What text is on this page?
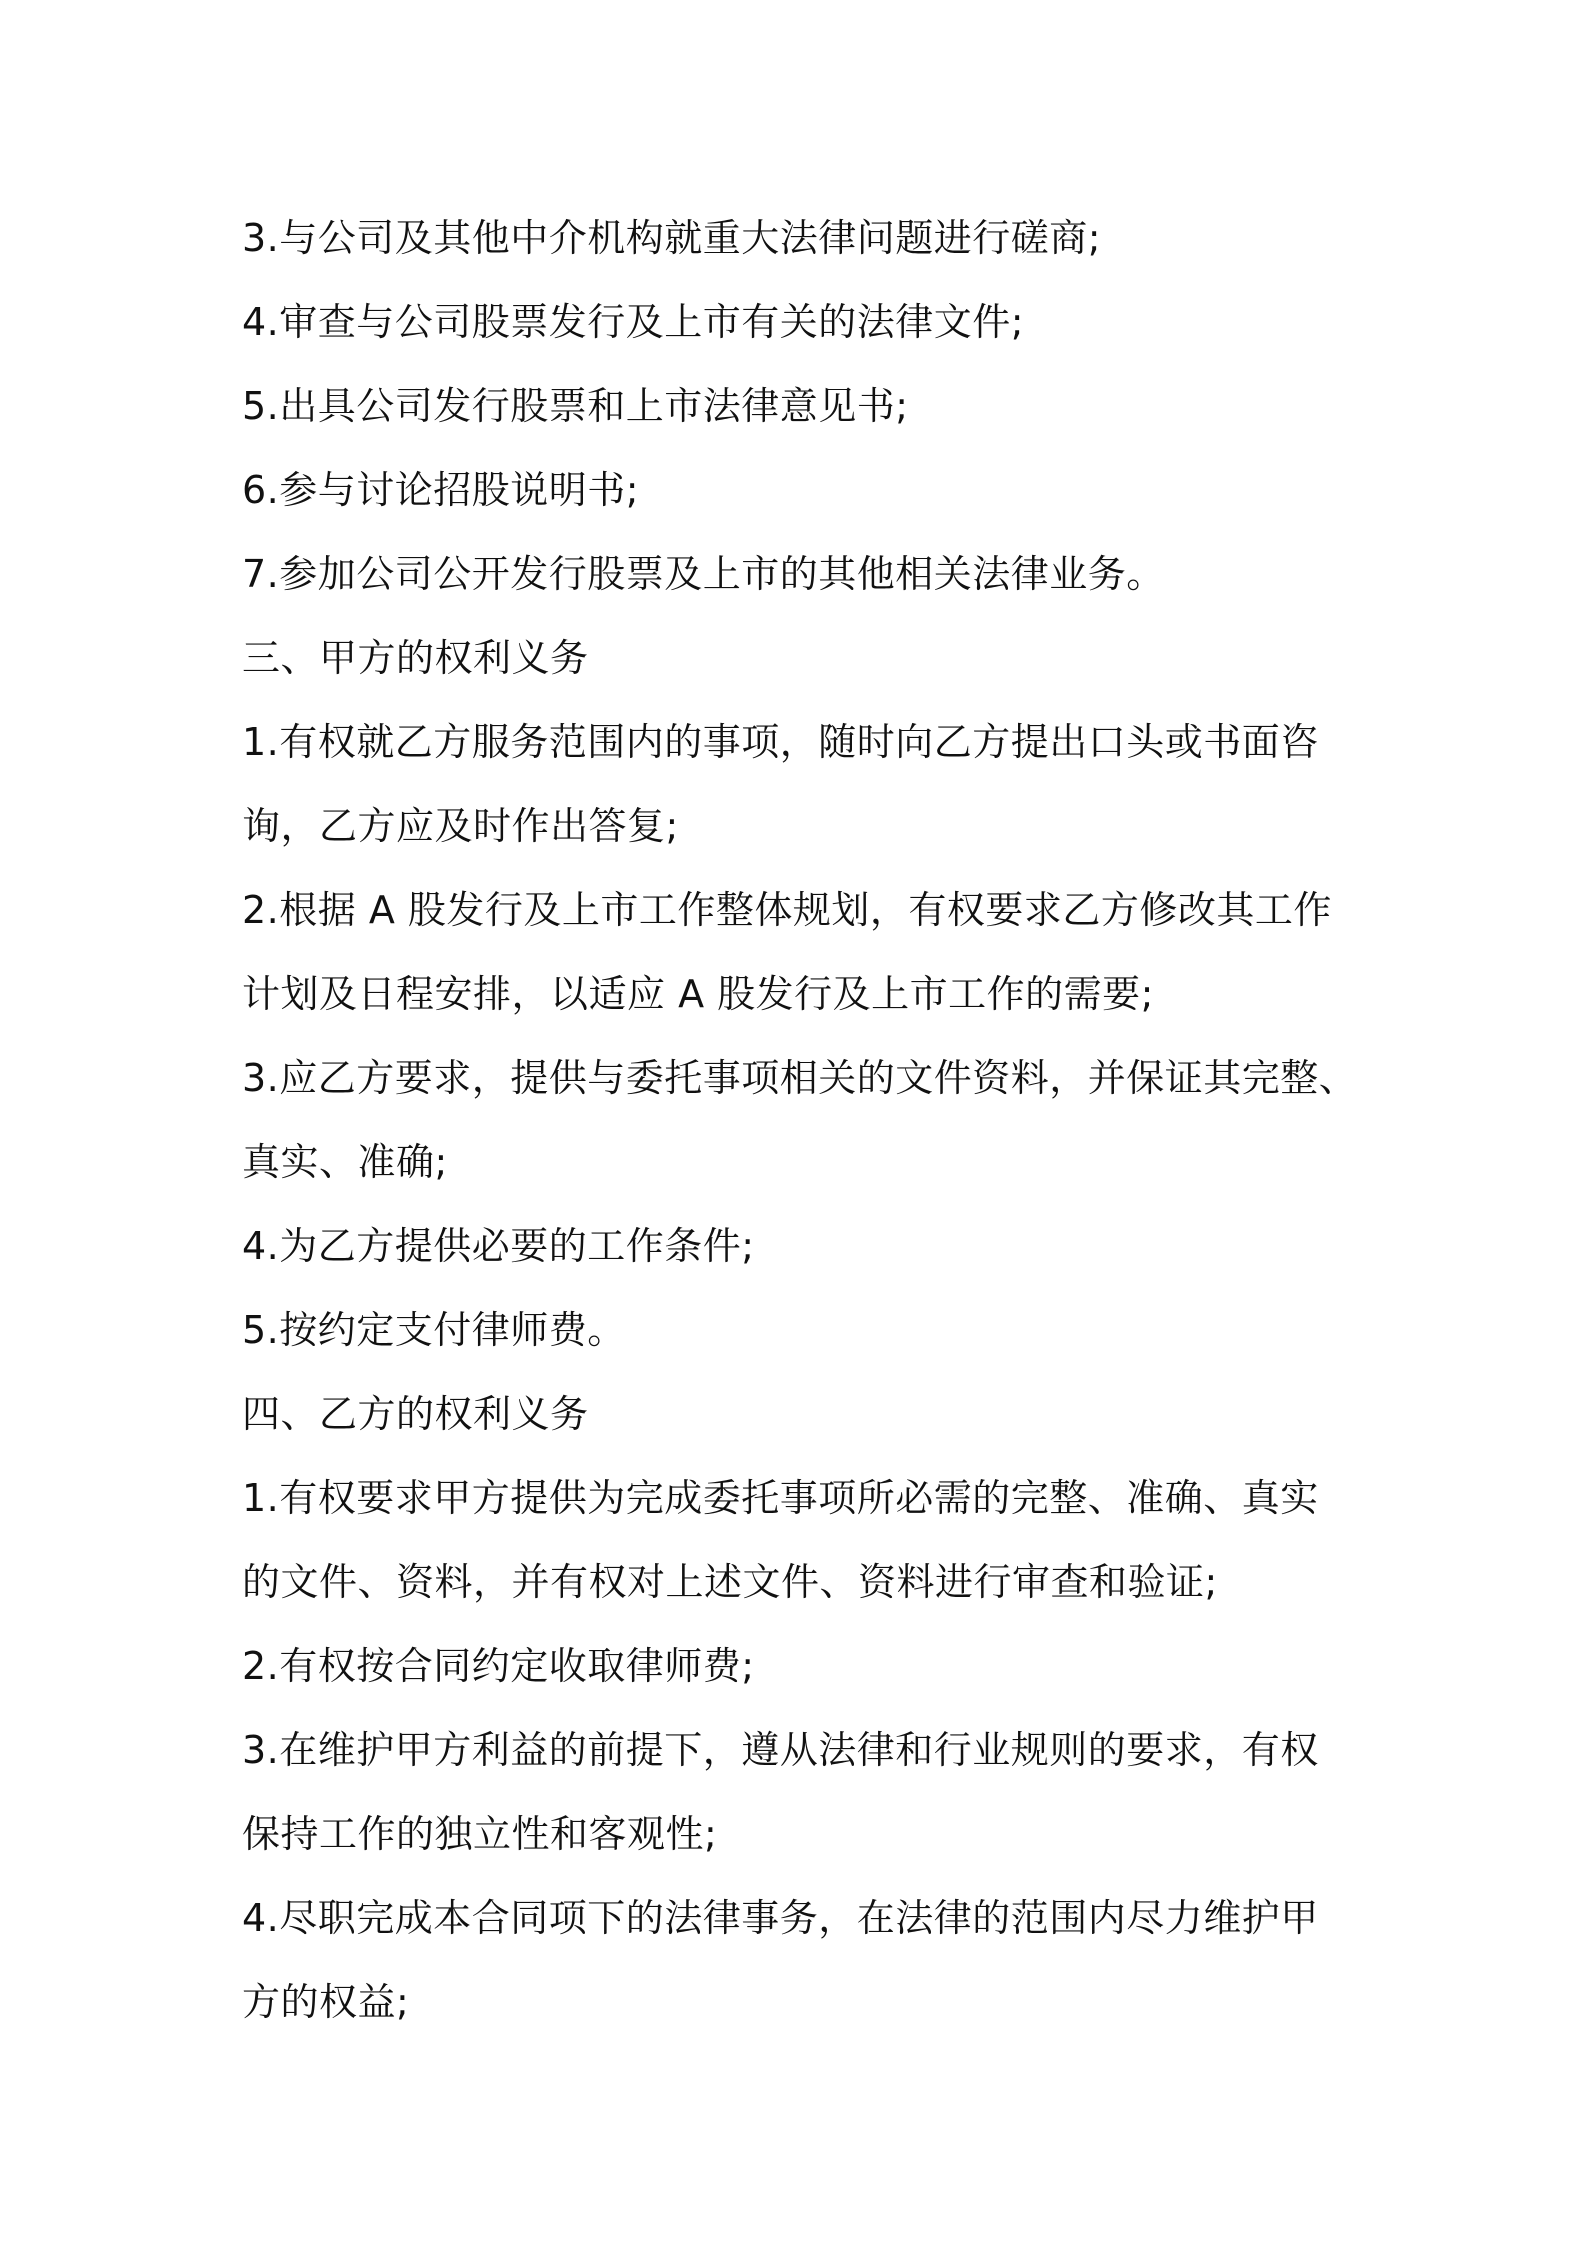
3.与公司及其他中介机构就重大法律问题进行磋商;
4.审查与公司股票发行及上市有关的法律文件;
5.出具公司发行股票和上市法律意见书;
6.参与讨论招股说明书;
7.参加公司公开发行股票及上市的其他相关法律业务。
三、甲方的权利义务
1.有权就乙方服务范围内的事项，随时向乙方提出口头或书面咨
询，乙方应及时作出答复;
2.根据 A 股发行及上市工作整体规划，有权要求乙方修改其工作
计划及日程安排，以适应 A 股发行及上市工作的需要;
3.应乙方要求，提供与委托事项相关的文件资料，并保证其完整、
真实、准确;
4.为乙方提供必要的工作条件;
5.按约定支付律师费。
四、乙方的权利义务
1.有权要求甲方提供为完成委托事项所必需的完整、准确、真实
的文件、资料，并有权对上述文件、资料进行审查和验证;
2.有权按合同约定收取律师费;
3.在维护甲方利益的前提下，遵从法律和行业规则的要求，有权
保持工作的独立性和客观性;
4.尽职完成本合同项下的法律事务，在法律的范围内尽力维护甲
方的权益;
